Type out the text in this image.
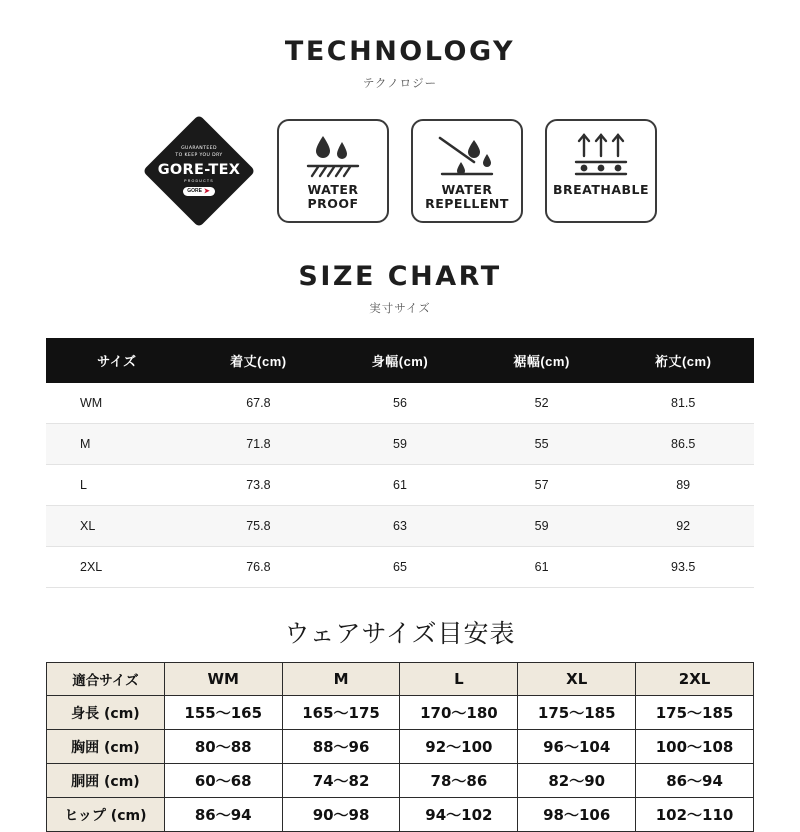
TECHNOLOGY
テクノロジー
GUARANTEED
TO KEEP YOU DRY
GORE-TEX
PRODUCTS
GORE ➤	WATER
PROOF
WATER
REPELLENT
BREATHABLE
SIZE CHART
実寸サイズ
サイズ	着丈(cm)	身幅(cm)	裾幅(cm)	裄丈(cm)
WM	67.8	56	52	81.5
M	71.8	59	55	86.5
L	73.8	61	57	89
XL	75.8	63	59	92
2XL	76.8	65	61	93.5
ウェアサイズ目安表
適合サイズ	WM	M	L	XL	2XL
身長 (cm)	155〜165	165〜175	170〜180	175〜185	175〜185
胸囲 (cm)	80〜88	88〜96	92〜100	96〜104	100〜108
胴囲 (cm)	60〜68	74〜82	78〜86	82〜90	86〜94
ヒップ (cm)	86〜94	90〜98	94〜102	98〜106	102〜110
